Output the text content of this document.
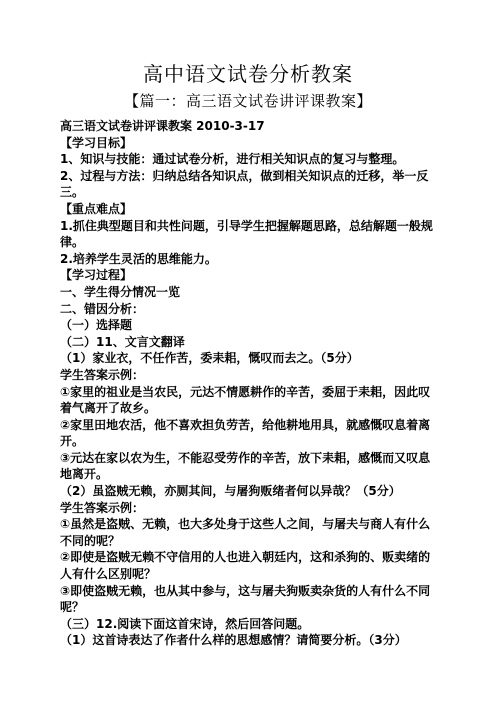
高中语文试卷分析教案
【篇一：高三语文试卷讲评课教案】

高三语文试卷讲评课教案 2010-3-17

【学习目标】

1、知识与技能：通过试卷分析，进行相关知识点的复习与整理。

2、过程与方法：归纳总结各知识点，做到相关知识点的迁移，举一反三。

【重点难点】

1.抓住典型题目和共性问题，引导学生把握解题思路，总结解题一般规律。

2.培养学生灵活的思维能力。

【学习过程】

一、学生得分情况一览

二、错因分析：

（一）选择题

（二）11、文言文翻译

（1）家业衣，不任作苦，委耒耜，慨叹而去之。（5分）

学生答案示例：

①家里的祖业是当农民，元达不情愿耕作的辛苦，委屈于耒耜，因此叹着气离开了故乡。

②家里田地农活，他不喜欢担负劳苦，给他耕地用具，就感慨叹息着离开。

③元达在家以农为生，不能忍受劳作的辛苦，放下耒耜，感慨而又叹息地离开。

（2）虽盗贼无赖，亦厕其间，与屠狗贩绪者何以异哉？（5分）

学生答案示例：

①虽然是盗贼、无赖，也大多处身于这些人之间，与屠夫与商人有什么不同的呢？

②即使是盗贼无赖不守信用的人也进入朝廷内，这和杀狗的、贩卖绪的人有什么区别呢？

③即使盗贼无赖，也从其中参与，这与屠夫狗贩卖杂货的人有什么不同呢？

（三）12.阅读下面这首宋诗，然后回答问题。

（1）这首诗表达了作者什么样的思想感情？请简要分析。（3分）
